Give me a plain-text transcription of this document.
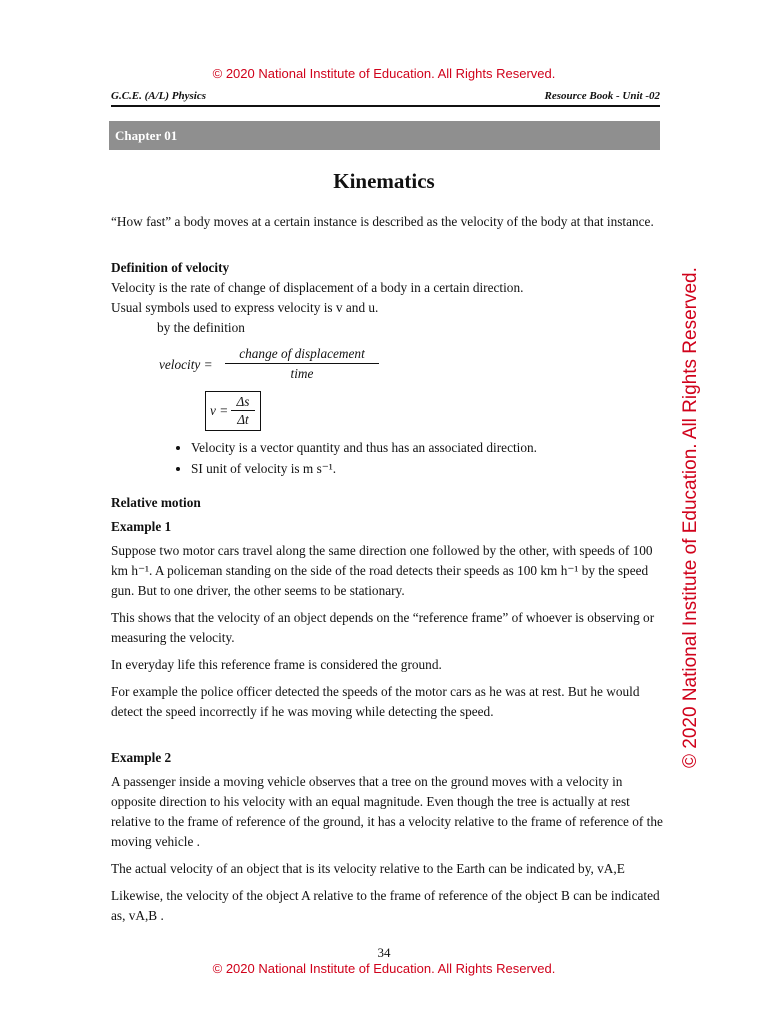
© 2020 National Institute of Education. All Rights Reserved.
© 2020 National Institute of Education. All Rights Reserved.
G.C.E. (A/L) Physics	Resource Book - Unit -02
Chapter 01
Kinematics

“How fast” a body moves at a certain instance is described as the velocity of the body at that instance.

Definition of velocity

Velocity is the rate of change of displacement of a body in a certain direction.

Usual symbols used to express velocity is v and u.

by the definition

velocity =
change of displacement
time
$v = \frac{\Delta s}{\Delta t}$
• Velocity is a vector quantity and thus has an associated direction.
• SI unit of velocity is m s⁻¹.
Relative motion
Example 1

Suppose two motor cars travel along the same direction one followed by the other, with speeds of 100 km h⁻¹. A policeman standing on the side of the road detects their speeds as 100 km h⁻¹ by the speed gun. But to one driver, the other seems to be stationary.

This shows that the velocity of an object depends on the “reference frame” of whoever is observing or measuring the velocity.

In everyday life this reference frame is considered the ground.

For example the police officer detected the speeds of the motor cars as he was at rest. But he would detect the speed incorrectly if he was moving while detecting the speed.

Example 2

A passenger inside a moving vehicle observes that a tree on the ground moves with a velocity in opposite direction to his velocity with an equal magnitude. Even though the tree is actually at rest relative to the frame of reference of the ground, it has a velocity relative to the frame of reference of the moving vehicle .

The actual velocity of an object that is its velocity relative to the Earth can be indicated by, vA,E

Likewise, the velocity of the object A relative to the frame of reference of the object B can be indicated as, vA,B .

34
© 2020 National Institute of Education. All Rights Reserved.
